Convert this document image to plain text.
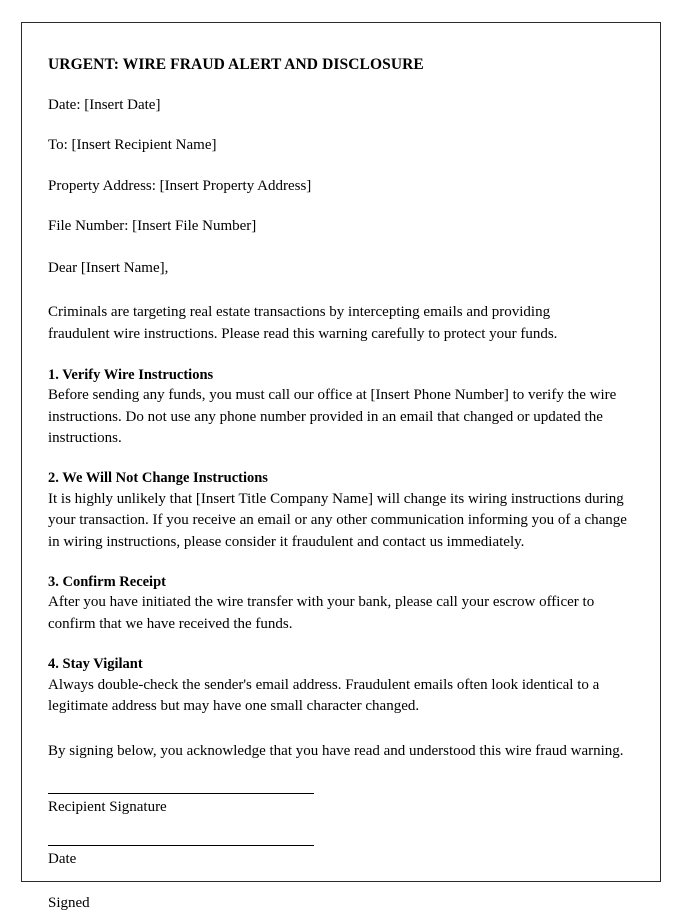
URGENT: WIRE FRAUD ALERT AND DISCLOSURE

Date: [Insert Date]

To: [Insert Recipient Name]

Property Address: [Insert Property Address]

File Number: [Insert File Number]

Dear [Insert Name],

Criminals are targeting real estate transactions by intercepting emails and providing fraudulent wire instructions. Please read this warning carefully to protect your funds.

1. Verify Wire Instructions

Before sending any funds, you must call our office at [Insert Phone Number] to verify the wire instructions. Do not use any phone number provided in an email that changed or updated the instructions.

2. We Will Not Change Instructions

It is highly unlikely that [Insert Title Company Name] will change its wiring instructions during your transaction. If you receive an email or any other communication informing you of a change in wiring instructions, please consider it fraudulent and contact us immediately.

3. Confirm Receipt

After you have initiated the wire transfer with your bank, please call your escrow officer to confirm that we have received the funds.

4. Stay Vigilant

Always double-check the sender's email address. Fraudulent emails often look identical to a legitimate address but may have one small character changed.

By signing below, you acknowledge that you have read and understood this wire fraud warning.

Recipient Signature

Date

Signed
